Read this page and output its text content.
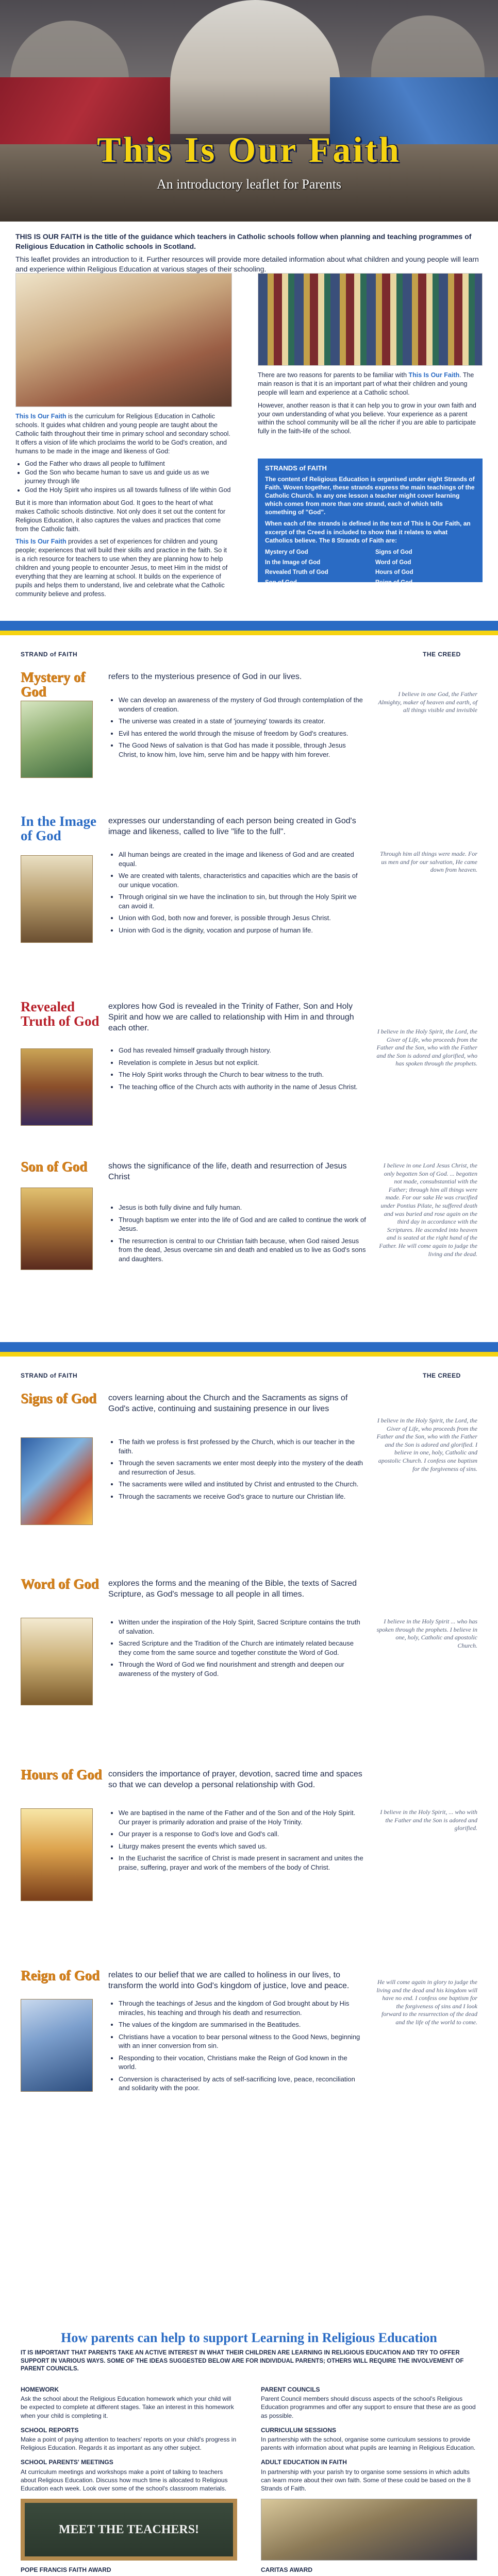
This Is Our Faith
An introductory leaflet for Parents

THIS IS OUR FAITH is the title of the guidance which teachers in Catholic schools follow when planning and teaching programmes of Religious Education in Catholic schools in Scotland.

This leaflet provides an introduction to it. Further resources will provide more detailed information about what children and young people will learn and experience within Religious Education at various stages of their schooling.

This Is Our Faith is the curriculum for Religious Education in Catholic schools. It guides what children and young people are taught about the Catholic faith throughout their time in primary school and secondary school. It offers a vision of life which proclaims the world to be God's creation, and humans to be made in the image and likeness of God:

• God the Father who draws all people to fulfilment
• God the Son who became human to save us and guide us as we journey through life
• God the Holy Spirit who inspires us all towards fullness of life within God

But it is more than information about God. It goes to the heart of what makes Catholic schools distinctive. Not only does it set out the content for Religious Education, it also captures the values and practices that come from the Catholic faith.

This Is Our Faith provides a set of experiences for children and young people; experiences that will build their skills and practice in the faith. So it is a rich resource for teachers to use when they are planning how to help children and young people to encounter Jesus, to meet Him in the midst of everything that they are learning at school. It builds on the experience of pupils and helps them to understand, live and celebrate what the Catholic community believe and profess.

There are two reasons for parents to be familiar with This Is Our Faith. The main reason is that it is an important part of what their children and young people will learn and experience at a Catholic school.

However, another reason is that it can help you to grow in your own faith and your own understanding of what you believe. Your experience as a parent within the school community will be all the richer if you are able to participate fully in the faith-life of the school.

STRANDS of FAITH

The content of Religious Education is organised under eight Strands of Faith. Woven together, these strands express the main teachings of the Catholic Church. In any one lesson a teacher might cover learning which comes from more than one strand, each of which tells something of "God".

When each of the strands is defined in the text of This Is Our Faith, an excerpt of the Creed is included to show that it relates to what Catholics believe. The 8 Strands of Faith are:

Mystery of God	Signs of God
In the Image of God	Word of God
Revealed Truth of God	Hours of God
Son of God	Reign of God
STRAND of FAITH	THE CREED
Mystery of God
refers to the mysterious presence of God in our lives.
• We can develop an awareness of the mystery of God through contemplation of the wonders of creation.
• The universe was created in a state of 'journeying' towards its creator.
• Evil has entered the world through the misuse of freedom by God's creatures.
• The Good News of salvation is that God has made it possible, through Jesus Christ, to know him, love him, serve him and be happy with him forever.
I believe in one God, the Father Almighty, maker of heaven and earth, of all things visible and invisible
In the Image of God
expresses our understanding of each person being created in God's image and likeness, called to live "life to the full".
• All human beings are created in the image and likeness of God and are created equal.
• We are created with talents, characteristics and capacities which are the basis of our unique vocation.
• Through original sin we have the inclination to sin, but through the Holy Spirit we can avoid it.
• Union with God, both now and forever, is possible through Jesus Christ.
• Union with God is the dignity, vocation and purpose of human life.
Through him all things were made. For us men and for our salvation, He came down from heaven.
Revealed Truth of God
explores how God is revealed in the Trinity of Father, Son and Holy Spirit and how we are called to relationship with Him in and through each other.
• God has revealed himself gradually through history.
• Revelation is complete in Jesus but not explicit.
• The Holy Spirit works through the Church to bear witness to the truth.
• The teaching office of the Church acts with authority in the name of Jesus Christ.
I believe in the Holy Spirit, the Lord, the Giver of Life, who proceeds from the Father and the Son, who with the Father and the Son is adored and glorified, who has spoken through the prophets.
Son of God	shows the significance of the life, death and resurrection of Jesus Christ
• Jesus is both fully divine and fully human.
• Through baptism we enter into the life of God and are called to continue the work of Jesus.
• The resurrection is central to our Christian faith because, when God raised Jesus from the dead, Jesus overcame sin and death and enabled us to live as God's sons and daughters.
I believe in one Lord Jesus Christ, the only begotten Son of God. ... begotten not made, consubstantial with the Father; through him all things were made. For our sake He was crucified under Pontius Pilate, he suffered death and was buried and rose again on the third day in accordance with the Scriptures. He ascended into heaven and is seated at the right hand of the Father. He will come again to judge the living and the dead.
STRAND of FAITH	THE CREED
Signs of God	covers learning about the Church and the Sacraments as signs of God's active, continuing and sustaining presence in our lives
• The faith we profess is first professed by the Church, which is our teacher in the faith.
• Through the seven sacraments we enter most deeply into the mystery of the death and resurrection of Jesus.
• The sacraments were willed and instituted by Christ and entrusted to the Church.
• Through the sacraments we receive God's grace to nurture our Christian life.
I believe in the Holy Spirit, the Lord, the Giver of Life, who proceeds from the Father and the Son, who with the Father and the Son is adored and glorified. I believe in one, holy, Catholic and apostolic Church. I confess one baptism for the forgiveness of sins.
Word of God	explores the forms and the meaning of the Bible, the texts of Sacred Scripture, as God's message to all people in all times.
• Written under the inspiration of the Holy Spirit, Sacred Scripture contains the truth of salvation.
• Sacred Scripture and the Tradition of the Church are intimately related because they come from the same source and together constitute the Word of God.
• Through the Word of God we find nourishment and strength and deepen our awareness of the mystery of God.
I believe in the Holy Spirit ... who has spoken through the prophets. I believe in one, holy, Catholic and apostolic Church.
Hours of God considers the importance of prayer, devotion, sacred time and spaces so that we can develop a personal relationship with God.
• We are baptised in the name of the Father and of the Son and of the Holy Spirit. Our prayer is primarily adoration and praise of the Holy Trinity.
• Our prayer is a response to God's love and God's call.
• Liturgy makes present the events which saved us.
• In the Eucharist the sacrifice of Christ is made present in sacrament and unites the praise, suffering, prayer and work of the members of the body of Christ.
I believe in the Holy Spirit, ... who with the Father and the Son is adored and glorified.
Reign of God	relates to our belief that we are called to holiness in our lives, to transform the world into God's kingdom of justice, love and peace.
• Through the teachings of Jesus and the kingdom of God brought about by His miracles, his teaching and through his death and resurrection.
• The values of the kingdom are summarised in the Beatitudes.
• Christians have a vocation to bear personal witness to the Good News, beginning with an inner conversion from sin.
• Responding to their vocation, Christians make the Reign of God known in the world.
• Conversion is characterised by acts of self-sacrificing love, peace, reconciliation and solidarity with the poor.
He will come again in glory to judge the living and the dead and his kingdom will have no end. I confess one baptism for the forgiveness of sins and I look forward to the resurrection of the dead and the life of the world to come.
How parents can help to support Learning in Religious Education
IT IS IMPORTANT THAT PARENTS TAKE AN ACTIVE INTEREST IN WHAT THEIR CHILDREN ARE LEARNING IN RELIGIOUS EDUCATION AND TRY TO OFFER SUPPORT IN VARIOUS WAYS. SOME OF THE IDEAS SUGGESTED BELOW ARE FOR INDIVIDUAL PARENTS; OTHERS WILL REQUIRE THE INVOLVEMENT OF PARENT COUNCILS.
HOMEWORK

Ask the school about the Religious Education homework which your child will be expected to complete at different stages. Take an interest in this homework when your child is completing it.

SCHOOL REPORTS

Make a point of paying attention to teachers' reports on your child's progress in Religious Education. Regards it as important as any other subject.

SCHOOL PARENTS' MEETINGS

At curriculum meetings and workshops make a point of talking to teachers about Religious Education. Discuss how much time is allocated to Religious Education each week. Look over some of the school's classroom materials.

MEET THE TEACHERS!
POPE FRANCIS FAITH AWARD

PARENT COUNCILS

Parent Council members should discuss aspects of the school's Religious Education programmes and offer any support to ensure that these are as good as possible.

CURRICULUM SESSIONS

In partnership with the school, organise some curriculum sessions to provide parents with information about what pupils are learning in Religious Education.

ADULT EDUCATION IN FAITH

In partnership with your parish try to organise some sessions in which adults can learn more about their own faith. Some of these could be based on the 8 Strands of Faith.

CARITAS AWARD
